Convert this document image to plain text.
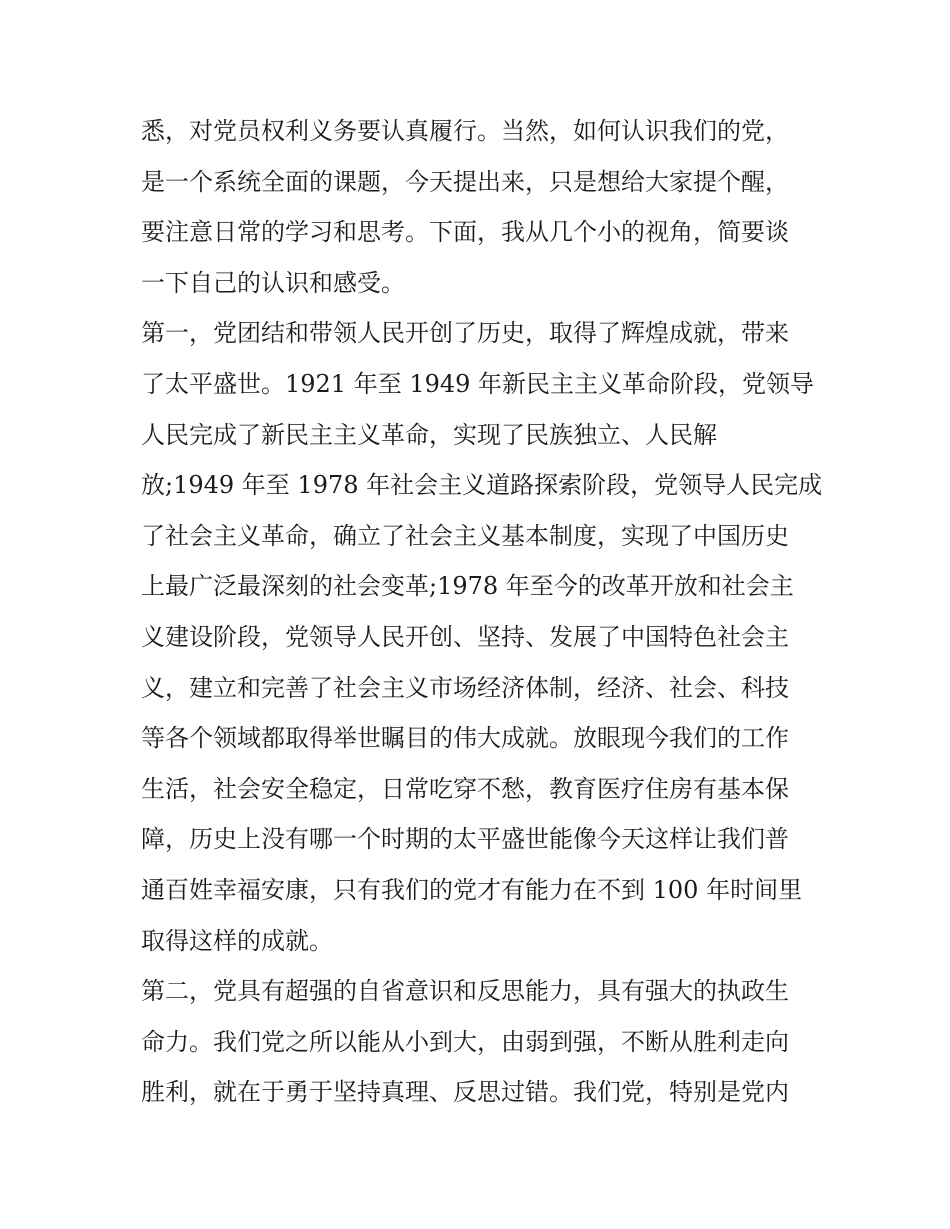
悉，对党员权利义务要认真履行。当然，如何认识我们的党，
是一个系统全面的课题，今天提出来，只是想给大家提个醒，
要注意日常的学习和思考。下面，我从几个小的视角，简要谈
一下自己的认识和感受。
第一，党团结和带领人民开创了历史，取得了辉煌成就，带来
了太平盛世。1921 年至 1949 年新民主主义革命阶段，党领导
人民完成了新民主主义革命，实现了民族独立、人民解
放;1949 年至 1978 年社会主义道路探索阶段，党领导人民完成
了社会主义革命，确立了社会主义基本制度，实现了中国历史
上最广泛最深刻的社会变革;1978 年至今的改革开放和社会主
义建设阶段，党领导人民开创、坚持、发展了中国特色社会主
义，建立和完善了社会主义市场经济体制，经济、社会、科技
等各个领域都取得举世瞩目的伟大成就。放眼现今我们的工作
生活，社会安全稳定，日常吃穿不愁，教育医疗住房有基本保
障，历史上没有哪一个时期的太平盛世能像今天这样让我们普
通百姓幸福安康，只有我们的党才有能力在不到 100 年时间里
取得这样的成就。
第二，党具有超强的自省意识和反思能力，具有强大的执政生
命力。我们党之所以能从小到大，由弱到强，不断从胜利走向
胜利，就在于勇于坚持真理、反思过错。我们党，特别是党内
